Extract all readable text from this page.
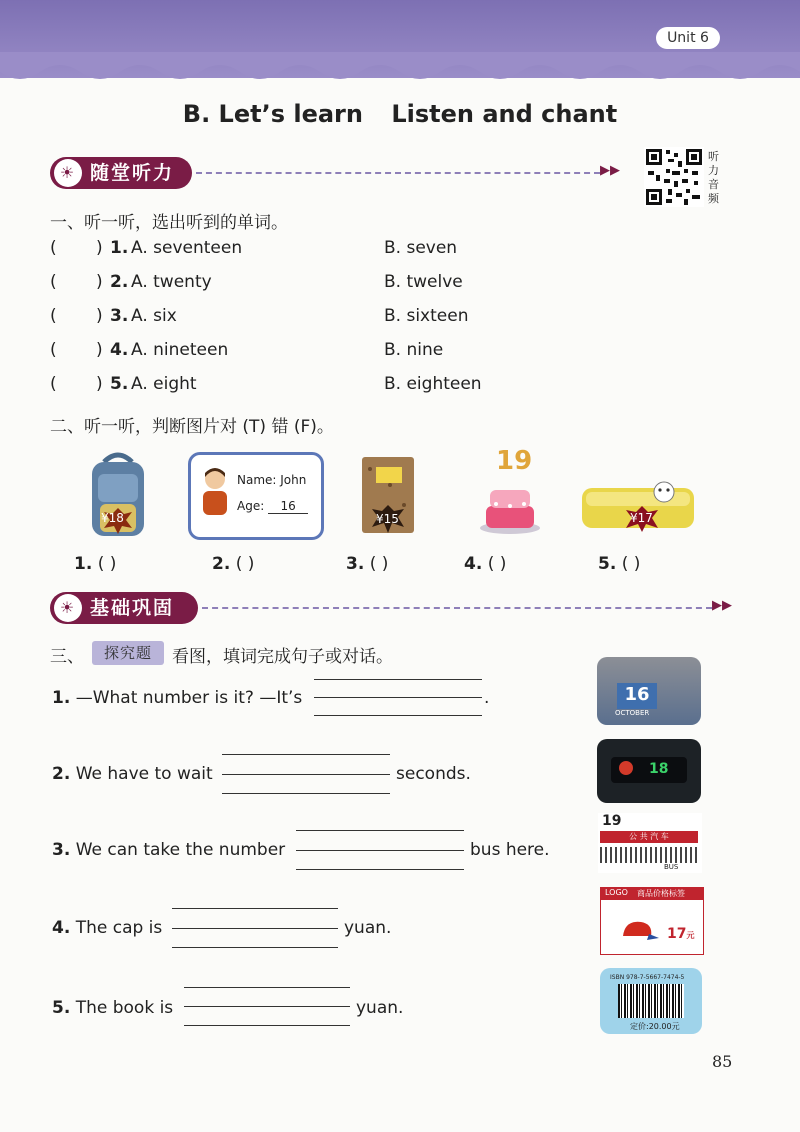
Unit 6
B. Let’s learn Listen and chant
☀ 随堂听力	▶▶
听力音频
一、听一听，选出听到的单词。
( ) 1. A. seventeen	B. seven
( ) 2. A. twenty	B. twelve
( ) 3. A. six	B. sixteen
( ) 4. A. nineteen	B. nine
( ) 5. A. eight	B. eighteen
二、听一听，判断图片对 (T) 错 (F)。
¥18
Name: John
Age: 16
¥15
19
¥17
1. ( )	2. ( )	3. ( )	4. ( )	5. ( )
☀ 基础巩固	▶▶
三、	探究题	看图，填词完成句子或对话。
1. —What number is it? —It’s	.
2. We have to wait	seconds.
3. We can take the number	bus here.
4. The cap is	yuan.
5. The book is	yuan.
16
OCTOBER
18
19
公 共 汽 车
BUS
LOGO 商品价格标签
17元
ISBN 978-7-5667-7474-5
定价:20.00元
85
